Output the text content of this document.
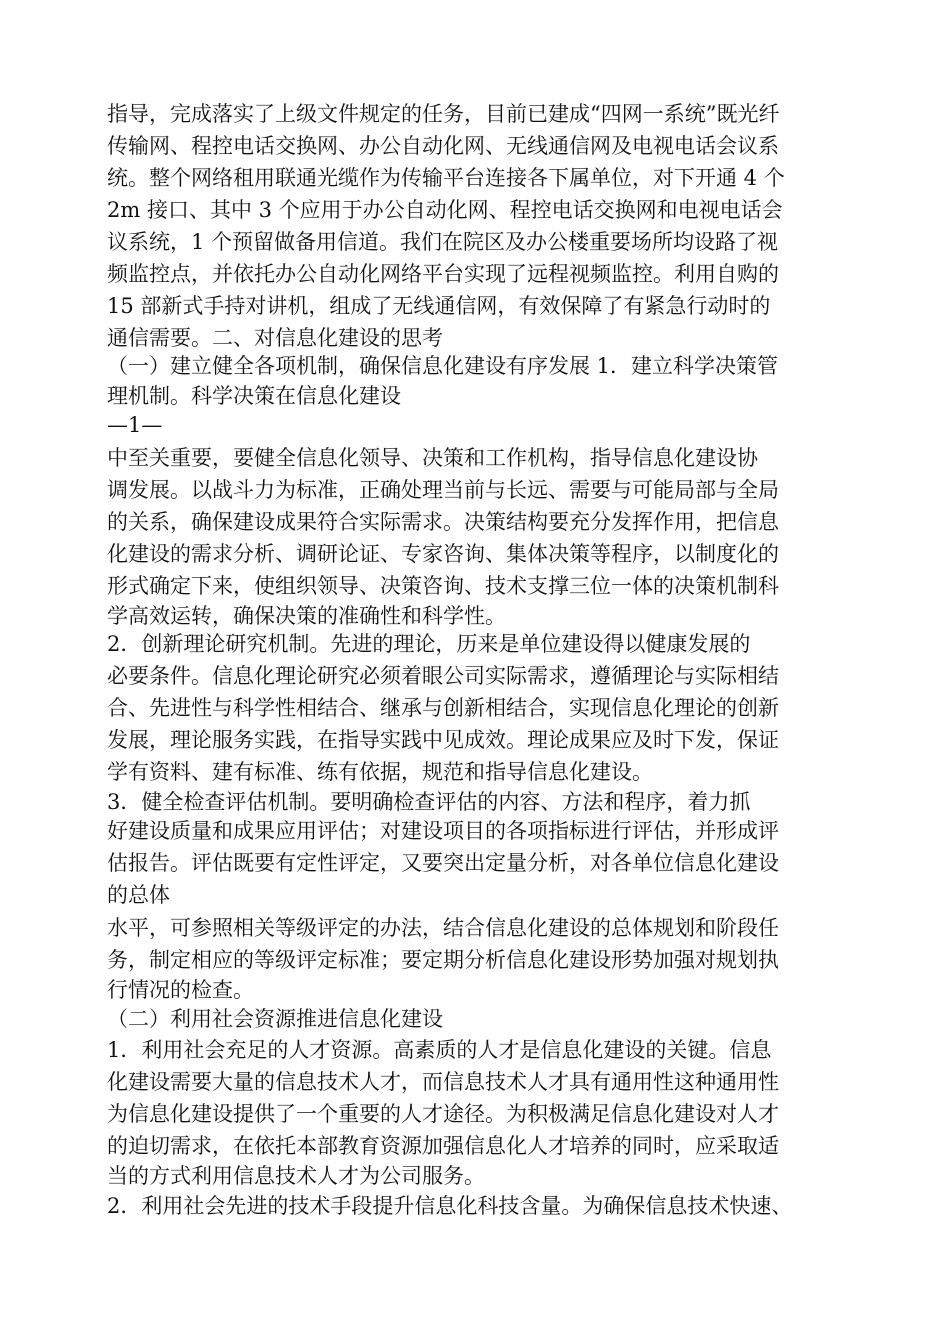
指导，完成落实了上级文件规定的任务，目前已建成“四网一系统”既光纤
传输网、程控电话交换网、办公自动化网、无线通信网及电视电话会议系
统。整个网络租用联通光缆作为传输平台连接各下属单位，对下开通 4 个
2m 接口、其中 3 个应用于办公自动化网、程控电话交换网和电视电话会
议系统，1 个预留做备用信道。我们在院区及办公楼重要场所均设路了视
频监控点，并依托办公自动化网络平台实现了远程视频监控。利用自购的
15 部新式手持对讲机，组成了无线通信网，有效保障了有紧急行动时的
通信需要。二、对信息化建设的思考
（一）建立健全各项机制，确保信息化建设有序发展 1．建立科学决策管
理机制。科学决策在信息化建设
—1—
中至关重要，要健全信息化领导、决策和工作机构，指导信息化建设协
调发展。以战斗力为标准，正确处理当前与长远、需要与可能局部与全局
的关系，确保建设成果符合实际需求。决策结构要充分发挥作用，把信息
化建设的需求分析、调研论证、专家咨询、集体决策等程序，以制度化的
形式确定下来，使组织领导、决策咨询、技术支撑三位一体的决策机制科
学高效运转，确保决策的准确性和科学性。
2．创新理论研究机制。先进的理论，历来是单位建设得以健康发展的
必要条件。信息化理论研究必须着眼公司实际需求，遵循理论与实际相结
合、先进性与科学性相结合、继承与创新相结合，实现信息化理论的创新
发展，理论服务实践，在指导实践中见成效。理论成果应及时下发，保证
学有资料、建有标准、练有依据，规范和指导信息化建设。
3．健全检查评估机制。要明确检查评估的内容、方法和程序，着力抓
好建设质量和成果应用评估；对建设项目的各项指标进行评估，并形成评
估报告。评估既要有定性评定，又要突出定量分析，对各单位信息化建设
的总体
水平，可参照相关等级评定的办法，结合信息化建设的总体规划和阶段任
务，制定相应的等级评定标准；要定期分析信息化建设形势加强对规划执
行情况的检查。
（二）利用社会资源推进信息化建设
1．利用社会充足的人才资源。高素质的人才是信息化建设的关键。信息
化建设需要大量的信息技术人才，而信息技术人才具有通用性这种通用性
为信息化建设提供了一个重要的人才途径。为积极满足信息化建设对人才
的迫切需求，在依托本部教育资源加强信息化人才培养的同时，应采取适
当的方式利用信息技术人才为公司服务。
2．利用社会先进的技术手段提升信息化科技含量。为确保信息技术快速、
